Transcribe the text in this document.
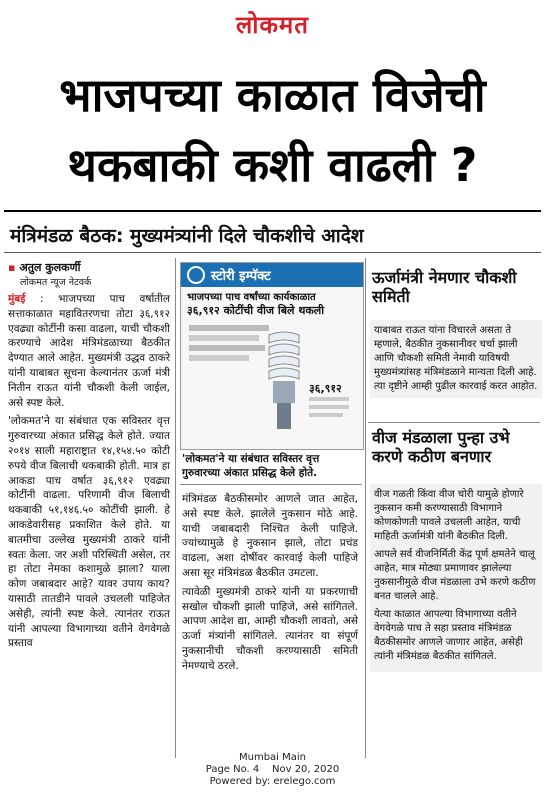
लोकमत
भाजपच्या काळात विजेची
थकबाकी कशी वाढली ?
मंत्रिमंडळ बैठक: मुख्यमंत्र्यांनी दिले चौकशीचे आदेश
▪ अतुल कुलकर्णी
लोकमत न्यूज नेटवर्क

मुंबई : भाजपच्या पाच वर्षातील सत्ताकाळात महावितरणचा तोटा ३६,९१२ एवढ्या कोटींनी कसा वाढला, याची चौकशी करण्याचे आदेश मंत्रिमंडळाच्या बैठकीत देण्यात आले आहेत. मुख्यमंत्री उद्धव ठाकरे यांनी याबाबत सूचना केल्यानंतर ऊर्जा मंत्री नितीन राऊत यांनी चौकशी केली जाईल, असे स्पष्ट केले.

'लोकमत'ने या संबंधात एक सविस्तर वृत्त गुरुवारच्या अंकात प्रसिद्ध केले होते. ज्यात २०१४ साली महाराष्ट्रात १४,१५४.५० कोटी रुपये वीज बिलाची थकबाकी होती. मात्र हा आकडा पाच वर्षात ३६,९१२ एवढ्या कोटींनी वाढला. परिणामी वीज बिलाची थकबाकी ५१,१४६.५० कोटींची झाली. हे आकडेवारीसह प्रकाशित केले होते. या बातमीचा उल्लेख मुख्यमंत्री ठाकरे यांनी स्वतः केला. जर अशी परिस्थिती असेल, तर हा तोटा नेमका कशामुळे झाला? याला कोण जबाबदार आहे? यावर उपाय काय? यासाठी तातडीने पावले उचलली पाहिजेत असेही, त्यांनी स्पष्ट केले. त्यानंतर राऊत यांनी आपल्या विभागाच्या वतीने वेगवेगळे प्रस्ताव

स्टोरी इम्पॅक्ट
भाजपच्या पाच वर्षांच्या कार्यकाळात
३६,९१२ कोटींची वीज बिले थकली
३६,९१२
'लोकमत'ने या संबंधात सविस्तर वृत्त गुरुवारच्या अंकात प्रसिद्ध केले होते.

मंत्रिमंडळ बैठकीसमोर आणले जात आहेत, असे स्पष्ट केले. झालेले नुकसान मोठे आहे. याची जबाबदारी निश्चित केली पाहिजे. ज्यांच्यामुळे हे नुकसान झाले, तोटा प्रचंड वाढला, अशा दोषींवर कारवाई केली पाहिजे असा सूर मंत्रिमंडळ बैठकीत उमटला.

त्यावेळी मुख्यमंत्री ठाकरे यांनी या प्रकरणाची सखोल चौकशी झाली पाहिजे, असे सांगितले. आपण आदेश द्या, आम्ही चौकशी लावतो, असे ऊर्जा मंत्र्यांनी सांगितले. त्यानंतर या संपूर्ण नुकसानीची चौकशी करण्यासाठी समिती नेमण्याचे ठरले.

ऊर्जामंत्री नेमणार चौकशी समिती
याबाबत राऊत यांना विचारले असता ते म्हणाले, बैठकीत नुकसानीवर चर्चा झाली आणि चौकशी समिती नेमावी याविषयी मुख्यमंत्र्यांसह मंत्रिमंडळाने मान्यता दिली आहे. त्या दृष्टीने आम्ही पुढील कारवाई करत आहोत.
वीज मंडळाला पुन्हा उभे करणे कठीण बनणार

वीज गळती किंवा वीज चोरी यामुळे होणारे नुकसान कमी करण्यासाठी विभागाने कोणकोणती पावले उचलली आहेत, याची माहिती ऊर्जामंत्री यांनी बैठकीत दिली.

आपले सर्व वीजनिर्मिती केंद्र पूर्ण क्षमतेने चालू आहेत, मात्र मोठ्या प्रमाणावर झालेल्या नुकसानीमुळे वीज मंडळाला उभे करणे कठीण बनत चालले आहे.

येत्या काळात आपल्या विभागाच्या वतीने वेगवेगळे पाच ते सहा प्रस्ताव मंत्रिमंडळ बैठकीसमोर आणले जाणार आहेत, असेही त्यांनी मंत्रिमंडळ बैठकीत सांगितले.

Mumbai Main
Page No. 4 Nov 20, 2020
Powered by: erelego.com
